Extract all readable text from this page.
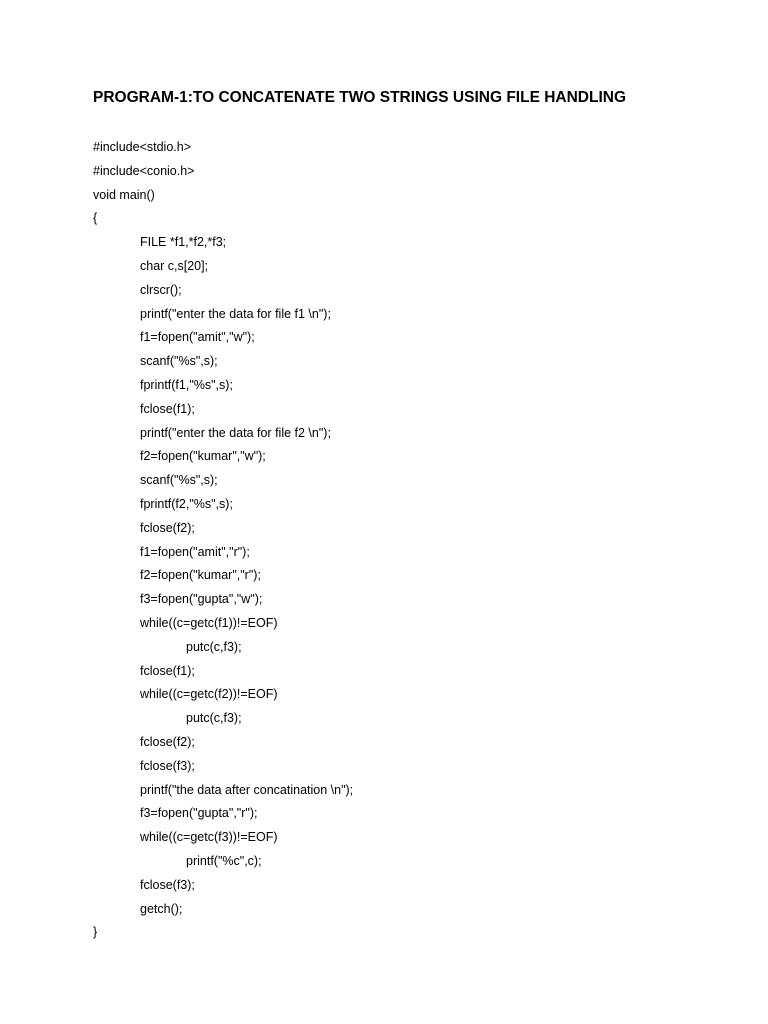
PROGRAM-1:TO CONCATENATE TWO STRINGS USING FILE HANDLING
#include<stdio.h>
#include<conio.h>
void main()
{
FILE *f1,*f2,*f3;
char c,s[20];
clrscr();
printf("enter the data for file f1 \n");
f1=fopen("amit","w");
scanf("%s",s);
fprintf(f1,"%s",s);
fclose(f1);
printf("enter the data for file f2 \n");
f2=fopen("kumar","w");
scanf("%s",s);
fprintf(f2,"%s",s);
fclose(f2);
f1=fopen("amit","r");
f2=fopen("kumar","r");
f3=fopen("gupta","w");
while((c=getc(f1))!=EOF)
putc(c,f3);
fclose(f1);
while((c=getc(f2))!=EOF)
putc(c,f3);
fclose(f2);
fclose(f3);
printf("the data after concatination \n");
f3=fopen("gupta","r");
while((c=getc(f3))!=EOF)
printf("%c",c);
fclose(f3);
getch();
}
